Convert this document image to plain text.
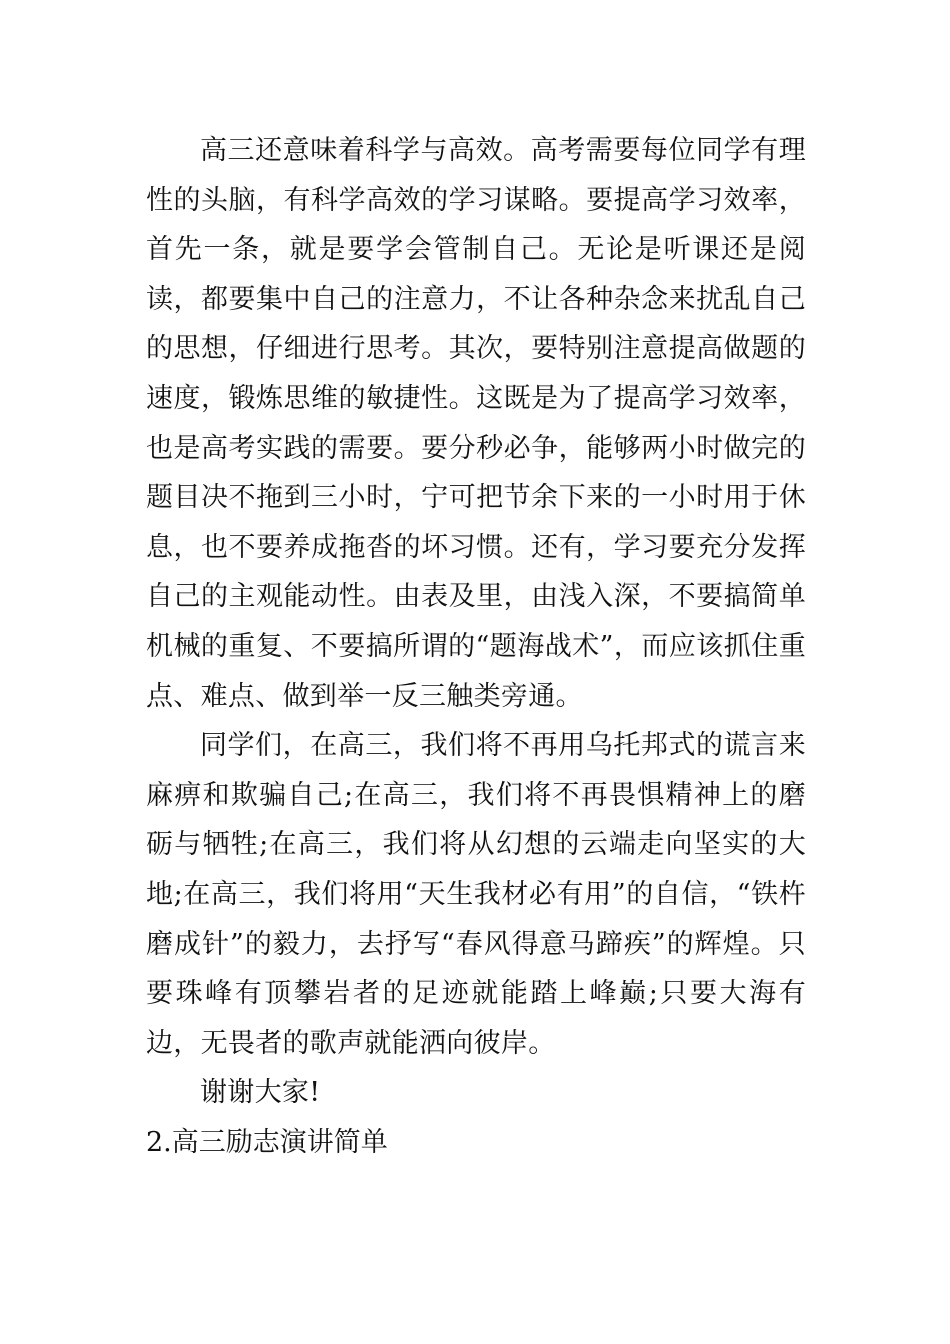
高三还意味着科学与高效。高考需要每位同学有理性的头脑，有科学高效的学习谋略。要提高学习效率，首先一条，就是要学会管制自己。无论是听课还是阅读，都要集中自己的注意力，不让各种杂念来扰乱自己的思想，仔细进行思考。其次，要特别注意提高做题的速度，锻炼思维的敏捷性。这既是为了提高学习效率，也是高考实践的需要。要分秒必争，能够两小时做完的题目决不拖到三小时，宁可把节余下来的一小时用于休息，也不要养成拖沓的坏习惯。还有，学习要充分发挥自己的主观能动性。由表及里，由浅入深，不要搞简单机械的重复、不要搞所谓的“题海战术”，而应该抓住重点、难点、做到举一反三触类旁通。

同学们，在高三，我们将不再用乌托邦式的谎言来麻痹和欺骗自己;在高三，我们将不再畏惧精神上的磨砺与牺牲;在高三，我们将从幻想的云端走向坚实的大地;在高三，我们将用“天生我材必有用”的自信，“铁杵磨成针”的毅力，去抒写“春风得意马蹄疾”的辉煌。只要珠峰有顶攀岩者的足迹就能踏上峰巅;只要大海有边，无畏者的歌声就能洒向彼岸。

谢谢大家!

2.高三励志演讲简单
